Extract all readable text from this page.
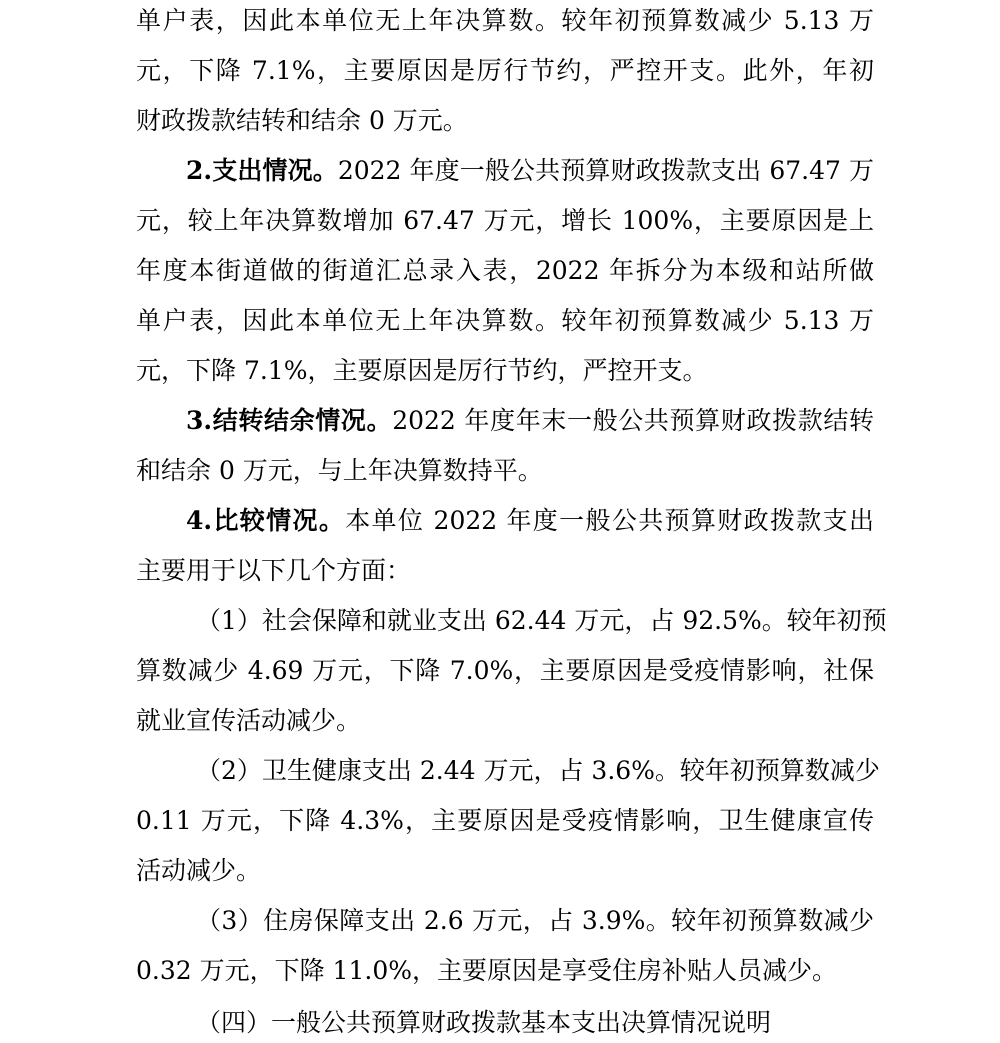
单户表，因此本单位无上年决算数。较年初预算数减少 5.13 万
元，下降 7.1%，主要原因是厉行节约，严控开支。此外，年初
财政拨款结转和结余 0 万元。
2.支出情况。2022 年度一般公共预算财政拨款支出 67.47 万
元，较上年决算数增加 67.47 万元，增长 100%，主要原因是上
年度本街道做的街道汇总录入表，2022 年拆分为本级和站所做
单户表，因此本单位无上年决算数。较年初预算数减少 5.13 万
元，下降 7.1%，主要原因是厉行节约，严控开支。
3.结转结余情况。2022 年度年末一般公共预算财政拨款结转
和结余 0 万元，与上年决算数持平。
4.比较情况。本单位 2022 年度一般公共预算财政拨款支出
主要用于以下几个方面：
（1）社会保障和就业支出 62.44 万元，占 92.5%。较年初预
算数减少 4.69 万元，下降 7.0%，主要原因是受疫情影响，社保
就业宣传活动减少。
（2）卫生健康支出 2.44 万元，占 3.6%。较年初预算数减少
0.11 万元，下降 4.3%，主要原因是受疫情影响，卫生健康宣传
活动减少。
（3）住房保障支出 2.6 万元，占 3.9%。较年初预算数减少
0.32 万元，下降 11.0%，主要原因是享受住房补贴人员减少。
（四）一般公共预算财政拨款基本支出决算情况说明
